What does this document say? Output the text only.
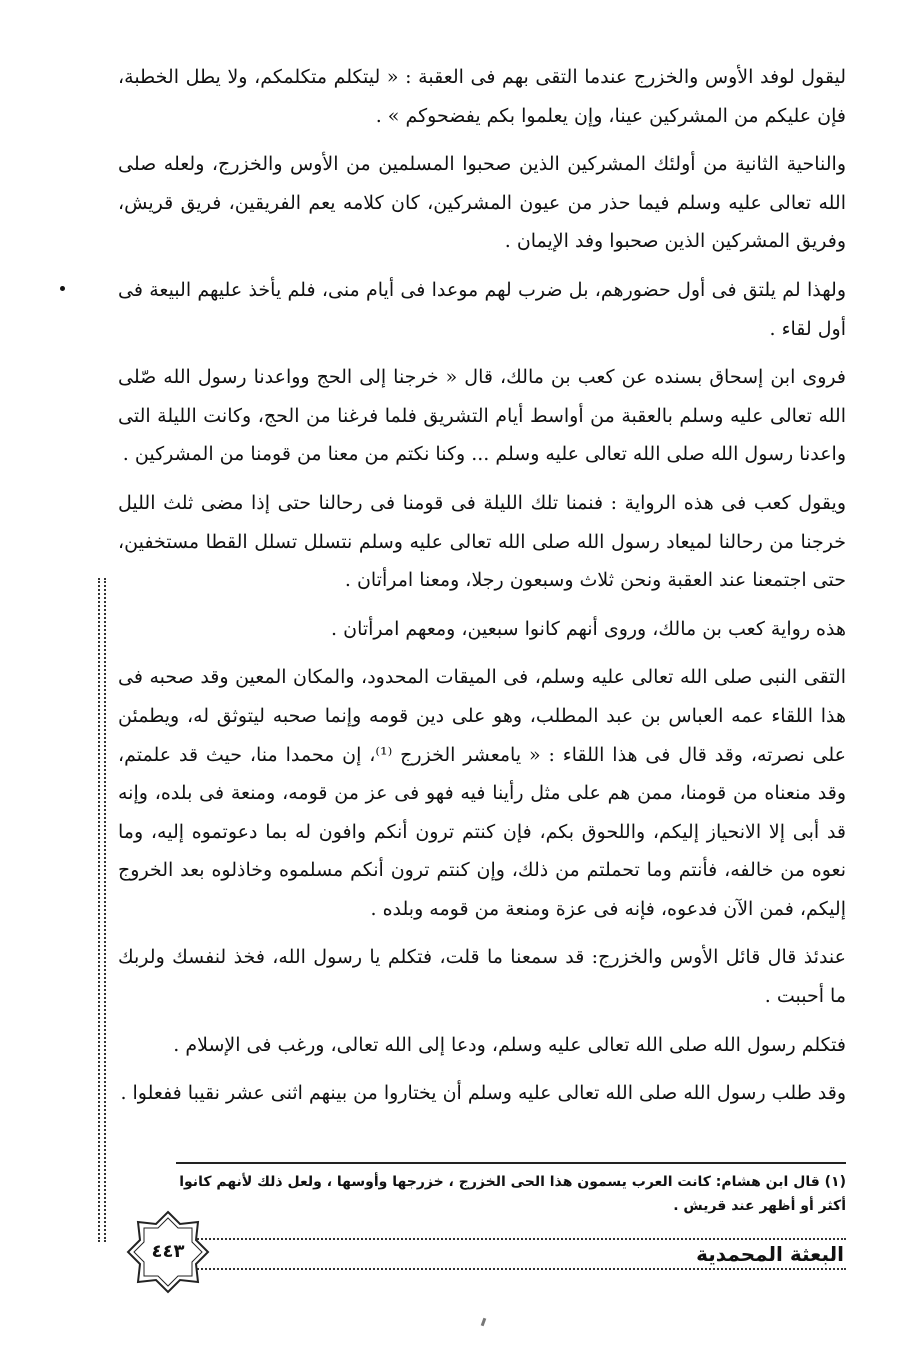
ليقول لوفد الأوس والخزرج عندما التقى بهم فى العقبة : « ليتكلم متكلمكم، ولا يطل الخطبة، فإن عليكم من المشركين عينا، وإن يعلموا بكم يفضحوكم » .

والناحية الثانية من أولئك المشركين الذين صحبوا المسلمين من الأوس والخزرج، ولعله صلى الله تعالى عليه وسلم فيما حذر من عيون المشركين، كان كلامه يعم الفريقين، فريق قريش، وفريق المشركين الذين صحبوا وفد الإيمان .

ولهذا لم يلتق فى أول حضورهم، بل ضرب لهم موعدا فى أيام منى، فلم يأخذ عليهم البيعة فى أول لقاء .

فروى ابن إسحاق بسنده عن كعب بن مالك، قال « خرجنا إلى الحج وواعدنا رسول الله صّلى الله تعالى عليه وسلم بالعقبة من أواسط أيام التشريق فلما فرغنا من الحج، وكانت الليلة التى واعدنا رسول الله صلى الله تعالى عليه وسلم ... وكنا نكتم من معنا من قومنا من المشركين .

ويقول كعب فى هذه الرواية : فنمنا تلك الليلة فى قومنا فى رحالنا حتى إذا مضى ثلث الليل خرجنا من رحالنا لميعاد رسول الله صلى الله تعالى عليه وسلم نتسلل تسلل القطا مستخفين، حتى اجتمعنا عند العقبة ونحن ثلاث وسبعون رجلا، ومعنا امرأتان .

هذه رواية كعب بن مالك، وروى أنهم كانوا سبعين، ومعهم امرأتان .

التقى النبى صلى الله تعالى عليه وسلم، فى الميقات المحدود، والمكان المعين وقد صحبه فى هذا اللقاء عمه العباس بن عبد المطلب، وهو على دين قومه وإنما صحبه ليتوثق له، ويطمئن على نصرته، وقد قال فى هذا اللقاء : « يامعشر الخزرج ⁽¹⁾، إن محمدا منا، حيث قد علمتم، وقد منعناه من قومنا، ممن هم على مثل رأينا فيه فهو فى عز من قومه، ومنعة فى بلده، وإنه قد أبى إلا الانحياز إليكم، واللحوق بكم، فإن كنتم ترون أنكم وافون له بما دعوتموه إليه، وما نعوه من خالفه، فأنتم وما تحملتم من ذلك، وإن كنتم ترون أنكم مسلموه وخاذلوه بعد الخروج إليكم، فمن الآن فدعوه، فإنه فى عزة ومنعة من قومه وبلده .

عندئذ قال قائل الأوس والخزرج: قد سمعنا ما قلت، فتكلم يا رسول الله، فخذ لنفسك ولربك ما أحببت .

فتكلم رسول الله صلى الله تعالى عليه وسلم، ودعا إلى الله تعالى، ورغب فى الإسلام .

وقد طلب رسول الله صلى الله تعالى عليه وسلم أن يختاروا من بينهم اثنى عشر نقيبا ففعلوا .

(١) قال ابن هشام: كانت العرب يسمون هذا الحى الخزرج ، خزرجها وأوسها ، ولعل ذلك لأنهم كانوا أكثر أو أظهر عند قريش .
٤٤٣	البعثة المحمدية
